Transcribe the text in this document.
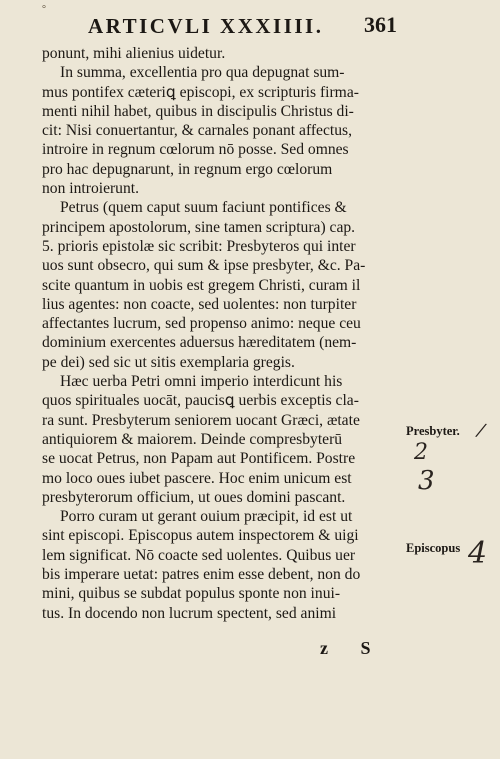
°
ARTICVLI XXXIIII. 361
ponunt, mihi alienius uidetur.
In summa, excellentia pro qua depugnat sum-
mus pontifex cæteriꝗ episcopi, ex scripturis firma-
menti nihil habet, quibus in discipulis Christus di-
cit: Nisi conuertantur, & carnales ponant affectus,
introire in regnum cœlorum nō posse. Sed omnes
pro hac depugnarunt, in regnum ergo cœlorum
non introierunt.
Petrus (quem caput suum faciunt pontifices &
principem apostolorum, sine tamen scriptura) cap.
5. prioris epistolæ sic scribit: Presbyteros qui inter
uos sunt obsecro, qui sum & ipse presbyter, &c. Pa-
scite quantum in uobis est gregem Christi, curam il
lius agentes: non coacte, sed uolentes: non turpiter
affectantes lucrum, sed propenso animo: neque ceu
dominium exercentes aduersus hæreditatem (nem-
pe dei) sed sic ut sitis exemplaria gregis.
Hæc uerba Petri omni imperio interdicunt his
quos spirituales uocāt, paucisꝗ uerbis exceptis cla-
ra sunt. Presbyterum seniorem uocant Græci, ætate
antiquiorem & maiorem. Deinde compresbyterū
se uocat Petrus, non Papam aut Pontificem. Postre
mo loco oues iubet pascere. Hoc enim unicum est
presbyterorum officium, ut oues domini pascant.
Porro curam ut gerant ouium præcipit, id est ut
sint episcopi. Episcopus autem inspectorem & uigi
lem significat. Nō coacte sed uolentes. Quibus uer
bis imperare uetat: patres enim esse debent, non do
mini, quibus se subdat populus sponte non inui-
tus. In docendo non lucrum spectent, sed animi
Presbyter.
Episcopus
/
2
3
4
z S
